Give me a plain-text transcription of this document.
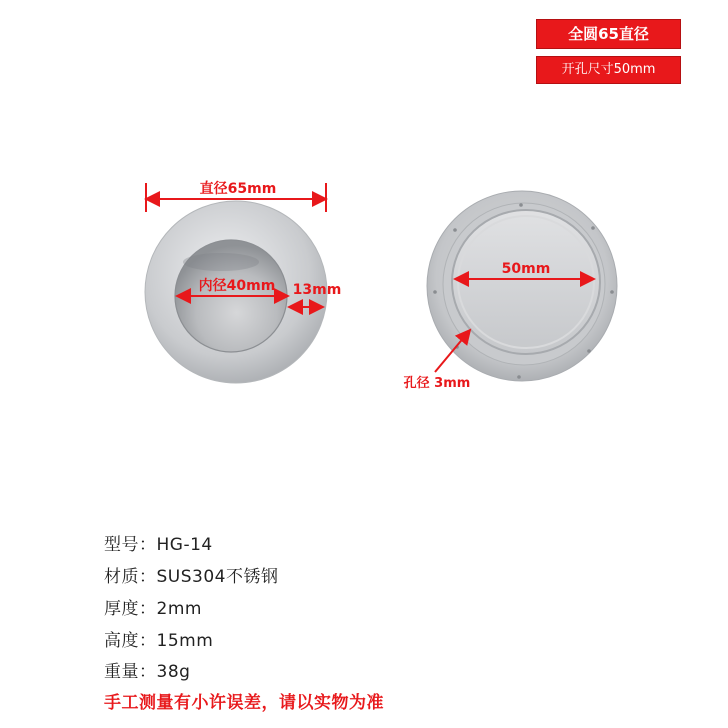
全圆65直径
开孔尺寸50mm
直径65mm
内径40mm 13mm
50mm
孔径 3mm
型号：HG-14
材质：SUS304不锈钢
厚度：2mm
高度：15mm
重量：38g
手工测量有小许误差，请以实物为准
